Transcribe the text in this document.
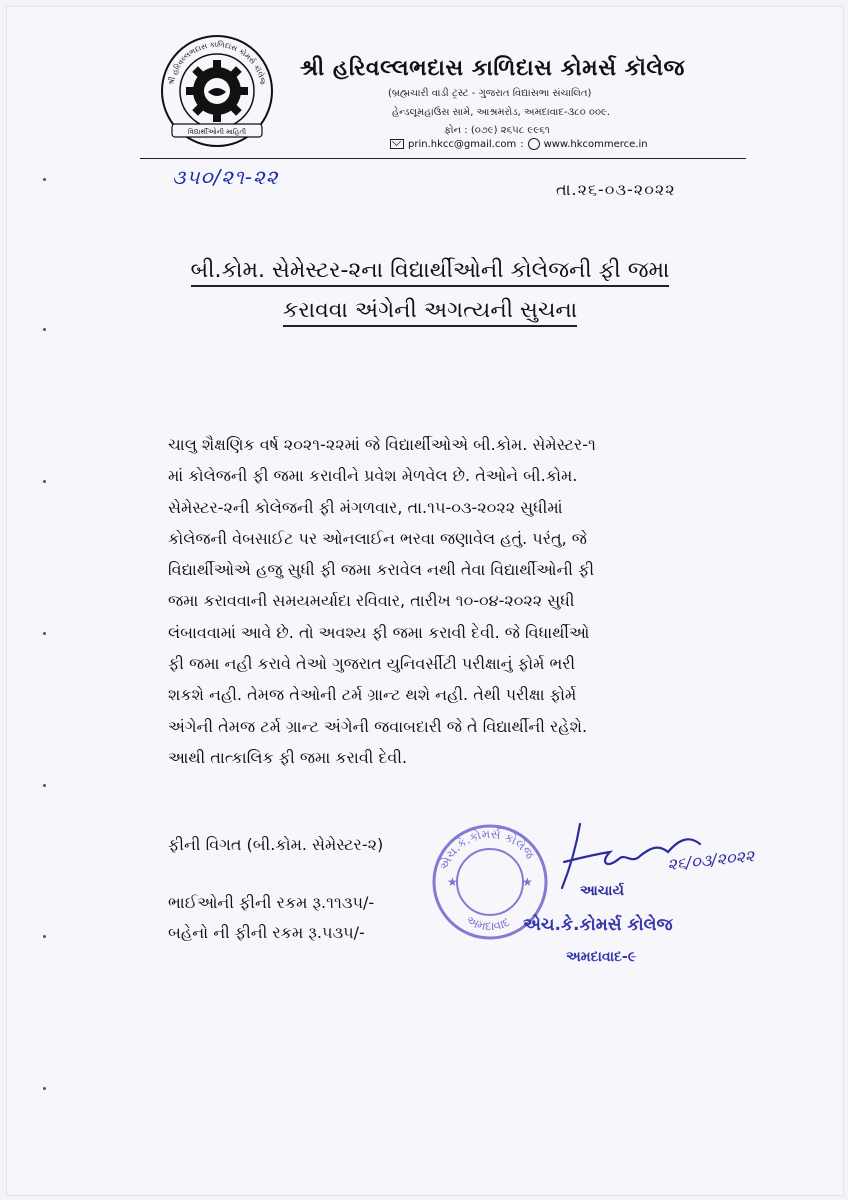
શ્રી હરિવલ્લભદાસ કાળિદાસ કોમર્સ કૉલેજ
વિદ્યાર્થીઓની માહિતી
શ્રી હરિવલ્લભદાસ કાળિદાસ કોમર્સ કૉલેજ
(બ્રહ્મચારી વાડી ટ્રસ્ટ - ગુજરાત વિદ્યાસભા સંચાલિત)
હેન્ડલૂમહાઉસ સામે, આશ્રમરોડ, અમદાવાદ-૩૮૦ ૦૦૯.
ફોન : (૦૭૯) ૨૬૫૮ ૯૯૬૧
prin.hkcc@gmail.com : www.hkcommerce.in
૩૫૦/૨૧-૨૨
તા.૨૬-૦૩-૨૦૨૨
બી.કોમ. સેમેસ્ટર-૨ના વિદ્યાર્થીઓની કોલેજની ફી જમા
કરાવવા અંગેની અગત્યની સુચના
ચાલુ શૈક્ષણિક વર્ષ ૨૦૨૧-૨૨માં જે વિદ્યાર્થીઓએ બી.કોમ. સેમેસ્ટર-૧
માં કોલેજની ફી જમા કરાવીને પ્રવેશ મેળવેલ છે. તેઓને બી.કોમ.
સેમેસ્ટર-૨ની કોલેજની ફી મંગળવાર, તા.૧૫-૦૩-૨૦૨૨ સુધીમાં
કોલેજની વેબસાઈટ પર ઓનલાઈન ભરવા જણાવેલ હતું. પરંતુ, જે
વિદ્યાર્થીઓએ હજુ સુધી ફી જમા કરાવેલ નથી તેવા વિદ્યાર્થીઓની ફી
જમા કરાવવાની સમયમર્યાદા રવિવાર, તારીખ ૧૦-૦૪-૨૦૨૨ સુધી
લંબાવવામાં આવે છે. તો અવશ્ય ફી જમા કરાવી દેવી. જે વિધાર્થીઓ
ફી જમા નહી કરાવે તેઓ ગુજરાત યુનિવર્સીટી પરીક્ષાનું ફોર્મ ભરી
શકશે નહી. તેમજ તેઓની ટર્મ ગ્રાન્ટ થશે નહી. તેથી પરીક્ષા ફોર્મ
અંગેની તેમજ ટર્મ ગ્રાન્ટ અંગેની જવાબદારી જે તે વિદ્યાર્થીની રહેશે.
આથી તાત્કાલિક ફી જમા કરાવી દેવી.
ફીની વિગત (બી.કોમ. સેમેસ્ટર-૨)
ભાઈઓની ફીની રકમ રૂ.૧૧૩૫/-
બહેનો ની ફીની રકમ રૂ.૫૩૫/-
એચ.કે.કોમર્સ કોલેજ
અમદાવાદ
★	★
૨૬/૦૩/૨૦૨૨
આચાર્ય
એચ.કે.કોમર્સ કોલેજ
અમદાવાદ-૯
